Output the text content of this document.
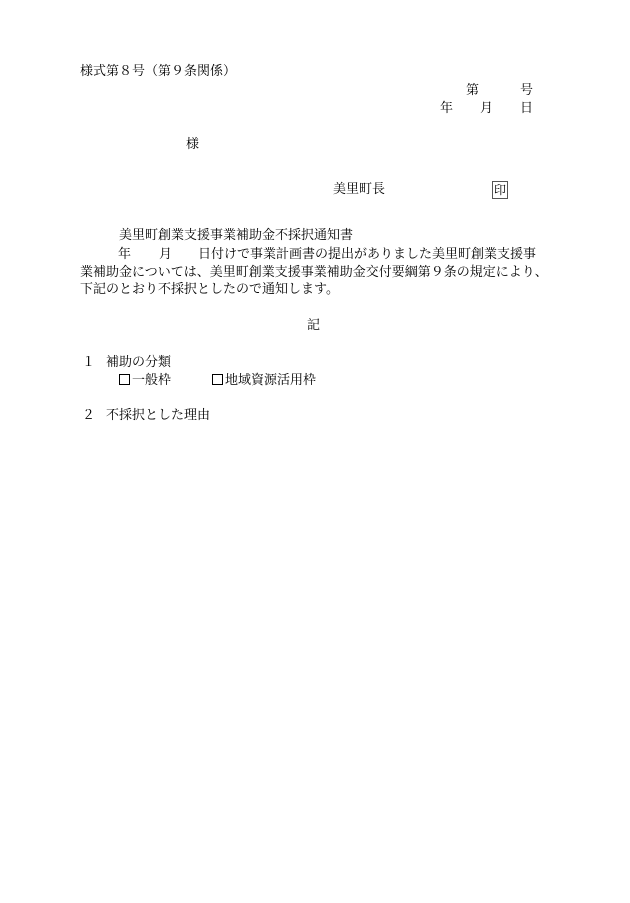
様式第８号（第９条関係）
第	号
年 月 日
様
美里町長	印
美里町創業支援事業補助金不採択通知書
年 月 日付けで事業計画書の提出がありました美里町創業支援事
業補助金については、美里町創業支援事業補助金交付要綱第９条の規定により、下記のとおり不採択としたので通知します。
記
１ 補助の分類
一般枠	地域資源活用枠
２ 不採択とした理由
